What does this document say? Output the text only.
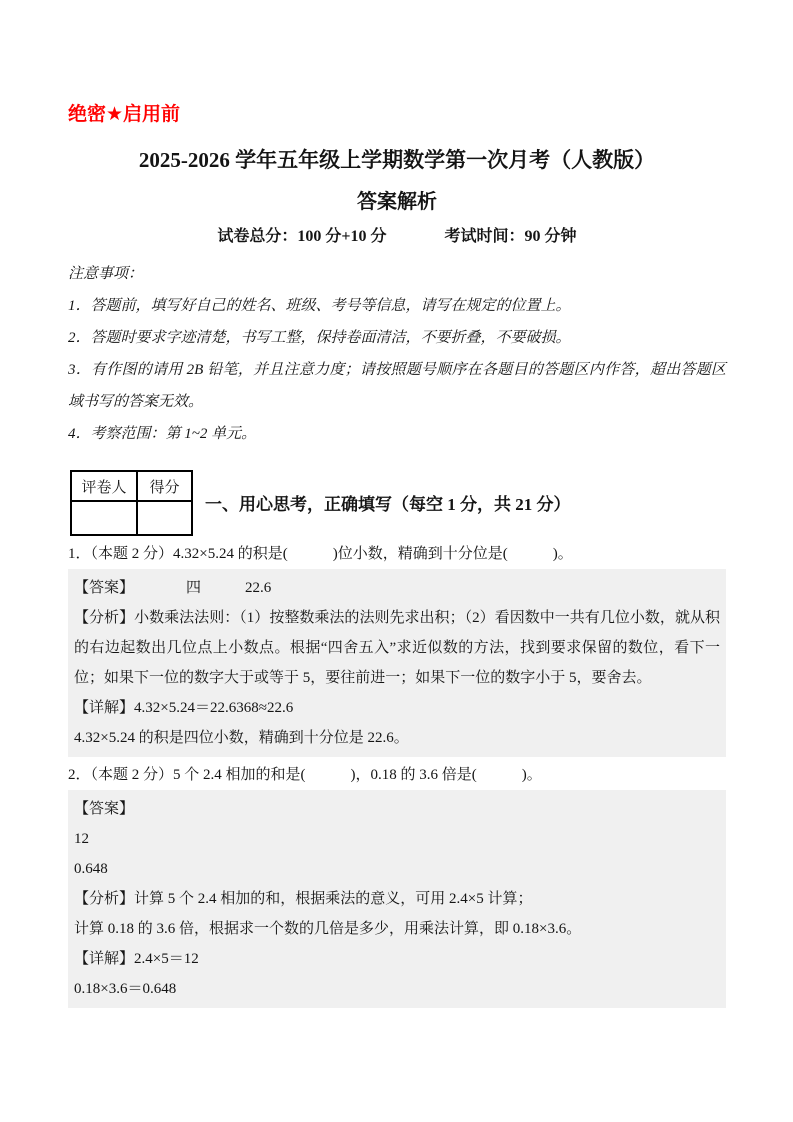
绝密★启用前

2025-2026 学年五年级上学期数学第一次月考（人教版）
答案解析

试卷总分：100 分+10 分	考试时间：90 分钟

注意事项：

1．答题前，填写好自己的姓名、班级、考号等信息，请写在规定的位置上。

2．答题时要求字迹清楚，书写工整，保持卷面清洁，不要折叠，不要破损。

3．有作图的请用 2B 铅笔，并且注意力度；请按照题号顺序在各题目的答题区内作答，超出答题区域书写的答案无效。

4．考察范围：第 1~2 单元。

评卷人	得分

一、用心思考，正确填写（每空 1 分，共 21 分）

1．（本题 2 分）4.32×5.24 的积是(　　　)位小数，精确到十分位是(　　　)。

【答案】	四	22.6

【分析】小数乘法法则：（1）按整数乘法的法则先求出积；（2）看因数中一共有几位小数，就从积的右边起数出几位点上小数点。根据“四舍五入”求近似数的方法，找到要求保留的数位，看下一位；如果下一位的数字大于或等于 5，要往前进一；如果下一位的数字小于 5，要舍去。

【详解】4.32×5.24＝22.6368≈22.6

4.32×5.24 的积是四位小数，精确到十分位是 22.6。

2．（本题 2 分）5 个 2.4 相加的和是(　　　)，0.18 的 3.6 倍是(　　　)。

【答案】

12

0.648

【分析】计算 5 个 2.4 相加的和，根据乘法的意义，可用 2.4×5 计算；

计算 0.18 的 3.6 倍，根据求一个数的几倍是多少，用乘法计算，即 0.18×3.6。

【详解】2.4×5＝12

0.18×3.6＝0.648
